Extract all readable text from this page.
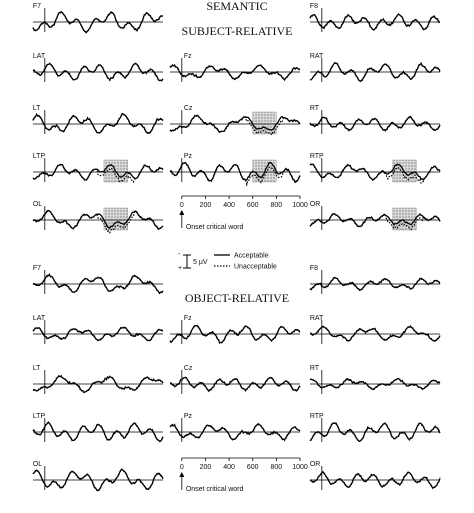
SEMANTIC
SUBJECT-RELATIVE
OBJECT-RELATIVE
-
+
5 μV
Acceptable
Unacceptable
F7
LAT
LT
LTP
OL
Fz
Cz
Pz
F8
RAT
RT
RTP
OR
0 200 400 600 800 1000
Onset critical word
F7
LAT
LT
LTP
OL
Fz
Cz
Pz
F8
RAT
RT
RTP
OR
0 200 400 600 800 1000
Onset critical word
